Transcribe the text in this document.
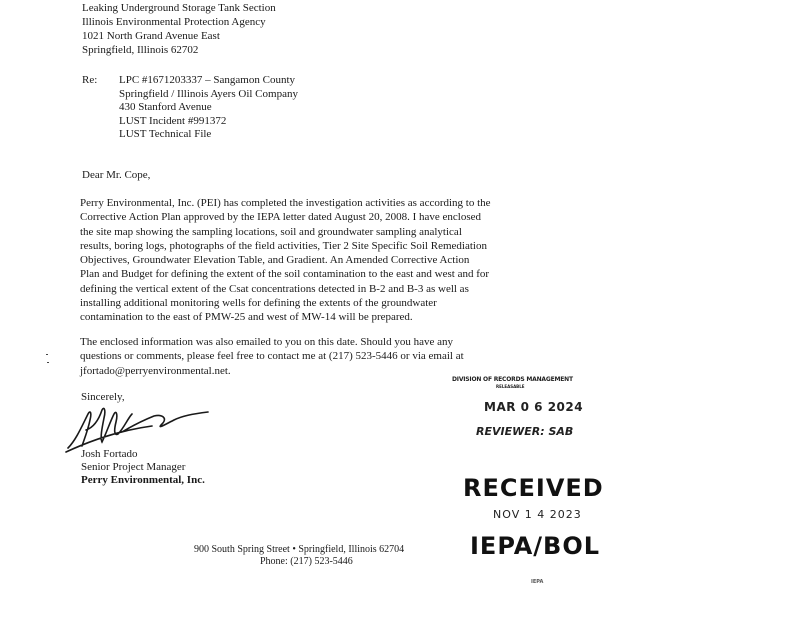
Leaking Underground Storage Tank Section
Illinois Environmental Protection Agency
1021 North Grand Avenue East
Springfield, Illinois 62702
Re: LPC #1671203337 – Sangamon County
Springfield / Illinois Ayers Oil Company
430 Stanford Avenue
LUST Incident #991372
LUST Technical File
Dear Mr. Cope,
Perry Environmental, Inc. (PEI) has completed the investigation activities as according to the
Corrective Action Plan approved by the IEPA letter dated August 20, 2008. I have enclosed
the site map showing the sampling locations, soil and groundwater sampling analytical
results, boring logs, photographs of the field activities, Tier 2 Site Specific Soil Remediation
Objectives, Groundwater Elevation Table, and Gradient. An Amended Corrective Action
Plan and Budget for defining the extent of the soil contamination to the east and west and for
defining the vertical extent of the Csat concentrations detected in B-2 and B-3 as well as
installing additional monitoring wells for defining the extents of the groundwater
contamination to the east of PMW-25 and west of MW-14 will be prepared.
The enclosed information was also emailed to you on this date. Should you have any
questions or comments, please feel free to contact me at (217) 523-5446 or via email at
jfortado@perryenvironmental.net.
Sincerely,
Josh Fortado
Senior Project Manager
Perry Environmental, Inc.
DIVISION OF RECORDS MANAGEMENT
RELEASABLE
MAR 0 6 2024
REVIEWER: SAB
RECEIVED
NOV 1 4 2023
IEPA/BOL
IEPA
900 South Spring Street • Springfield, Illinois 62704
Phone: (217) 523-5446
